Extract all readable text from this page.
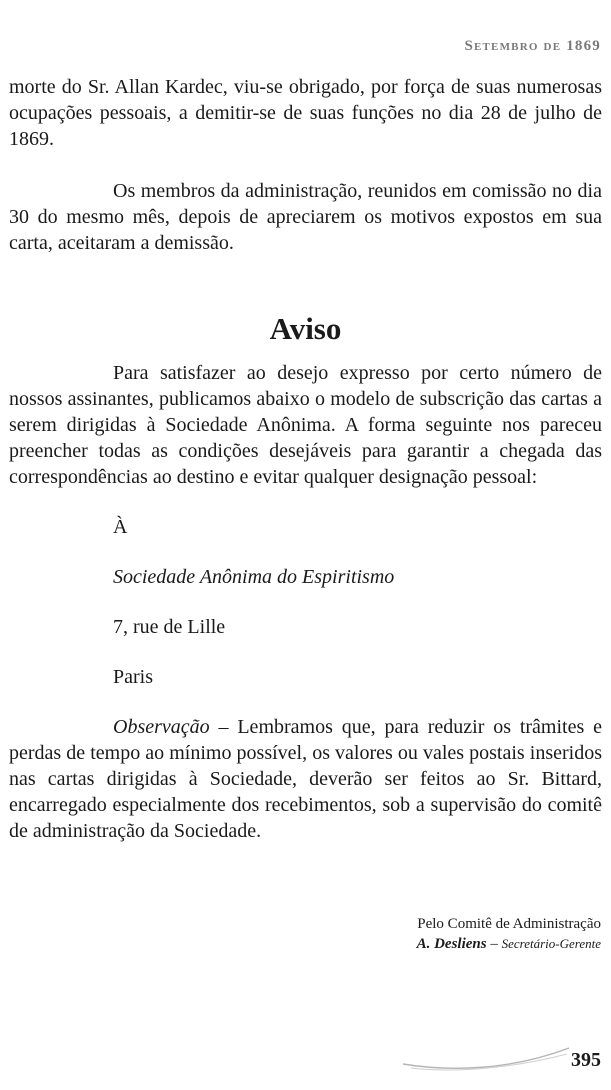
Setembro de 1869

morte do Sr. Allan Kardec, viu-se obrigado, por força de suas numerosas ocupações pessoais, a demitir-se de suas funções no dia 28 de julho de 1869.

Os membros da administração, reunidos em comissão no dia 30 do mesmo mês, depois de apreciarem os motivos expostos em sua carta, aceitaram a demissão.

Aviso

Para satisfazer ao desejo expresso por certo número de nossos assinantes, publicamos abaixo o modelo de subscrição das cartas a serem dirigidas à Sociedade Anônima. A forma seguinte nos pareceu preencher todas as condições desejáveis para garantir a chegada das correspondências ao destino e evitar qualquer designação pessoal:

À

Sociedade Anônima do Espiritismo

7, rue de Lille

Paris

Observação – Lembramos que, para reduzir os trâmites e perdas de tempo ao mínimo possível, os valores ou vales postais inseridos nas cartas dirigidas à Sociedade, deverão ser feitos ao Sr. Bittard, encarregado especialmente dos recebimentos, sob a supervisão do comitê de administração da Sociedade.

Pelo Comitê de Administração
A. Desliens – Secretário-Gerente
395
